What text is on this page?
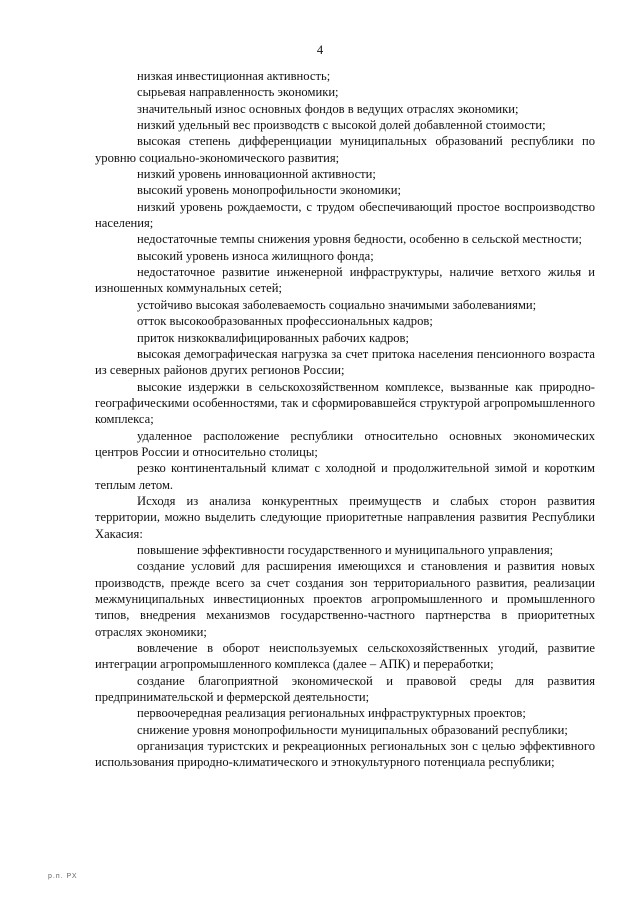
4

низкая инвестиционная активность;

сырьевая направленность экономики;

значительный износ основных фондов в ведущих отраслях экономики;

низкий удельный вес производств с высокой долей добавленной стоимости;

высокая степень дифференциации муниципальных образований республики по уровню социально-экономического развития;

низкий уровень инновационной активности;

высокий уровень монопрофильности экономики;

низкий уровень рождаемости, с трудом обеспечивающий простое воспроизводство населения;

недостаточные темпы снижения уровня бедности, особенно в сельской местности;

высокий уровень износа жилищного фонда;

недостаточное развитие инженерной инфраструктуры, наличие ветхого жилья и изношенных коммунальных сетей;

устойчиво высокая заболеваемость социально значимыми заболеваниями;

отток высокообразованных профессиональных кадров;

приток низкоквалифицированных рабочих кадров;

высокая демографическая нагрузка за счет притока населения пенсионного возраста из северных районов других регионов России;

высокие издержки в сельскохозяйственном комплексе, вызванные как природно-географическими особенностями, так и сформировавшейся структурой агропромышленного комплекса;

удаленное расположение республики относительно основных экономических центров России и относительно столицы;

резко континентальный климат с холодной и продолжительной зимой и коротким теплым летом.

Исходя из анализа конкурентных преимуществ и слабых сторон развития территории, можно выделить следующие приоритетные направления развития Республики Хакасия:

повышение эффективности государственного и муниципального управления;

создание условий для расширения имеющихся и становления и развития новых производств, прежде всего за счет создания зон территориального развития, реализации межмуниципальных инвестиционных проектов агропромышленного и промышленного типов, внедрения механизмов государственно-частного партнерства в приоритетных отраслях экономики;

вовлечение в оборот неиспользуемых сельскохозяйственных угодий, развитие интеграции агропромышленного комплекса (далее – АПК) и переработки;

создание благоприятной экономической и правовой среды для развития предпринимательской и фермерской деятельности;

первоочередная реализация региональных инфраструктурных проектов;

снижение уровня монопрофильности муниципальных образований республики;

организация туристских и рекреационных региональных зон с целью эффективного использования природно-климатического и этнокультурного потенциала республики;

р.п. РХ
